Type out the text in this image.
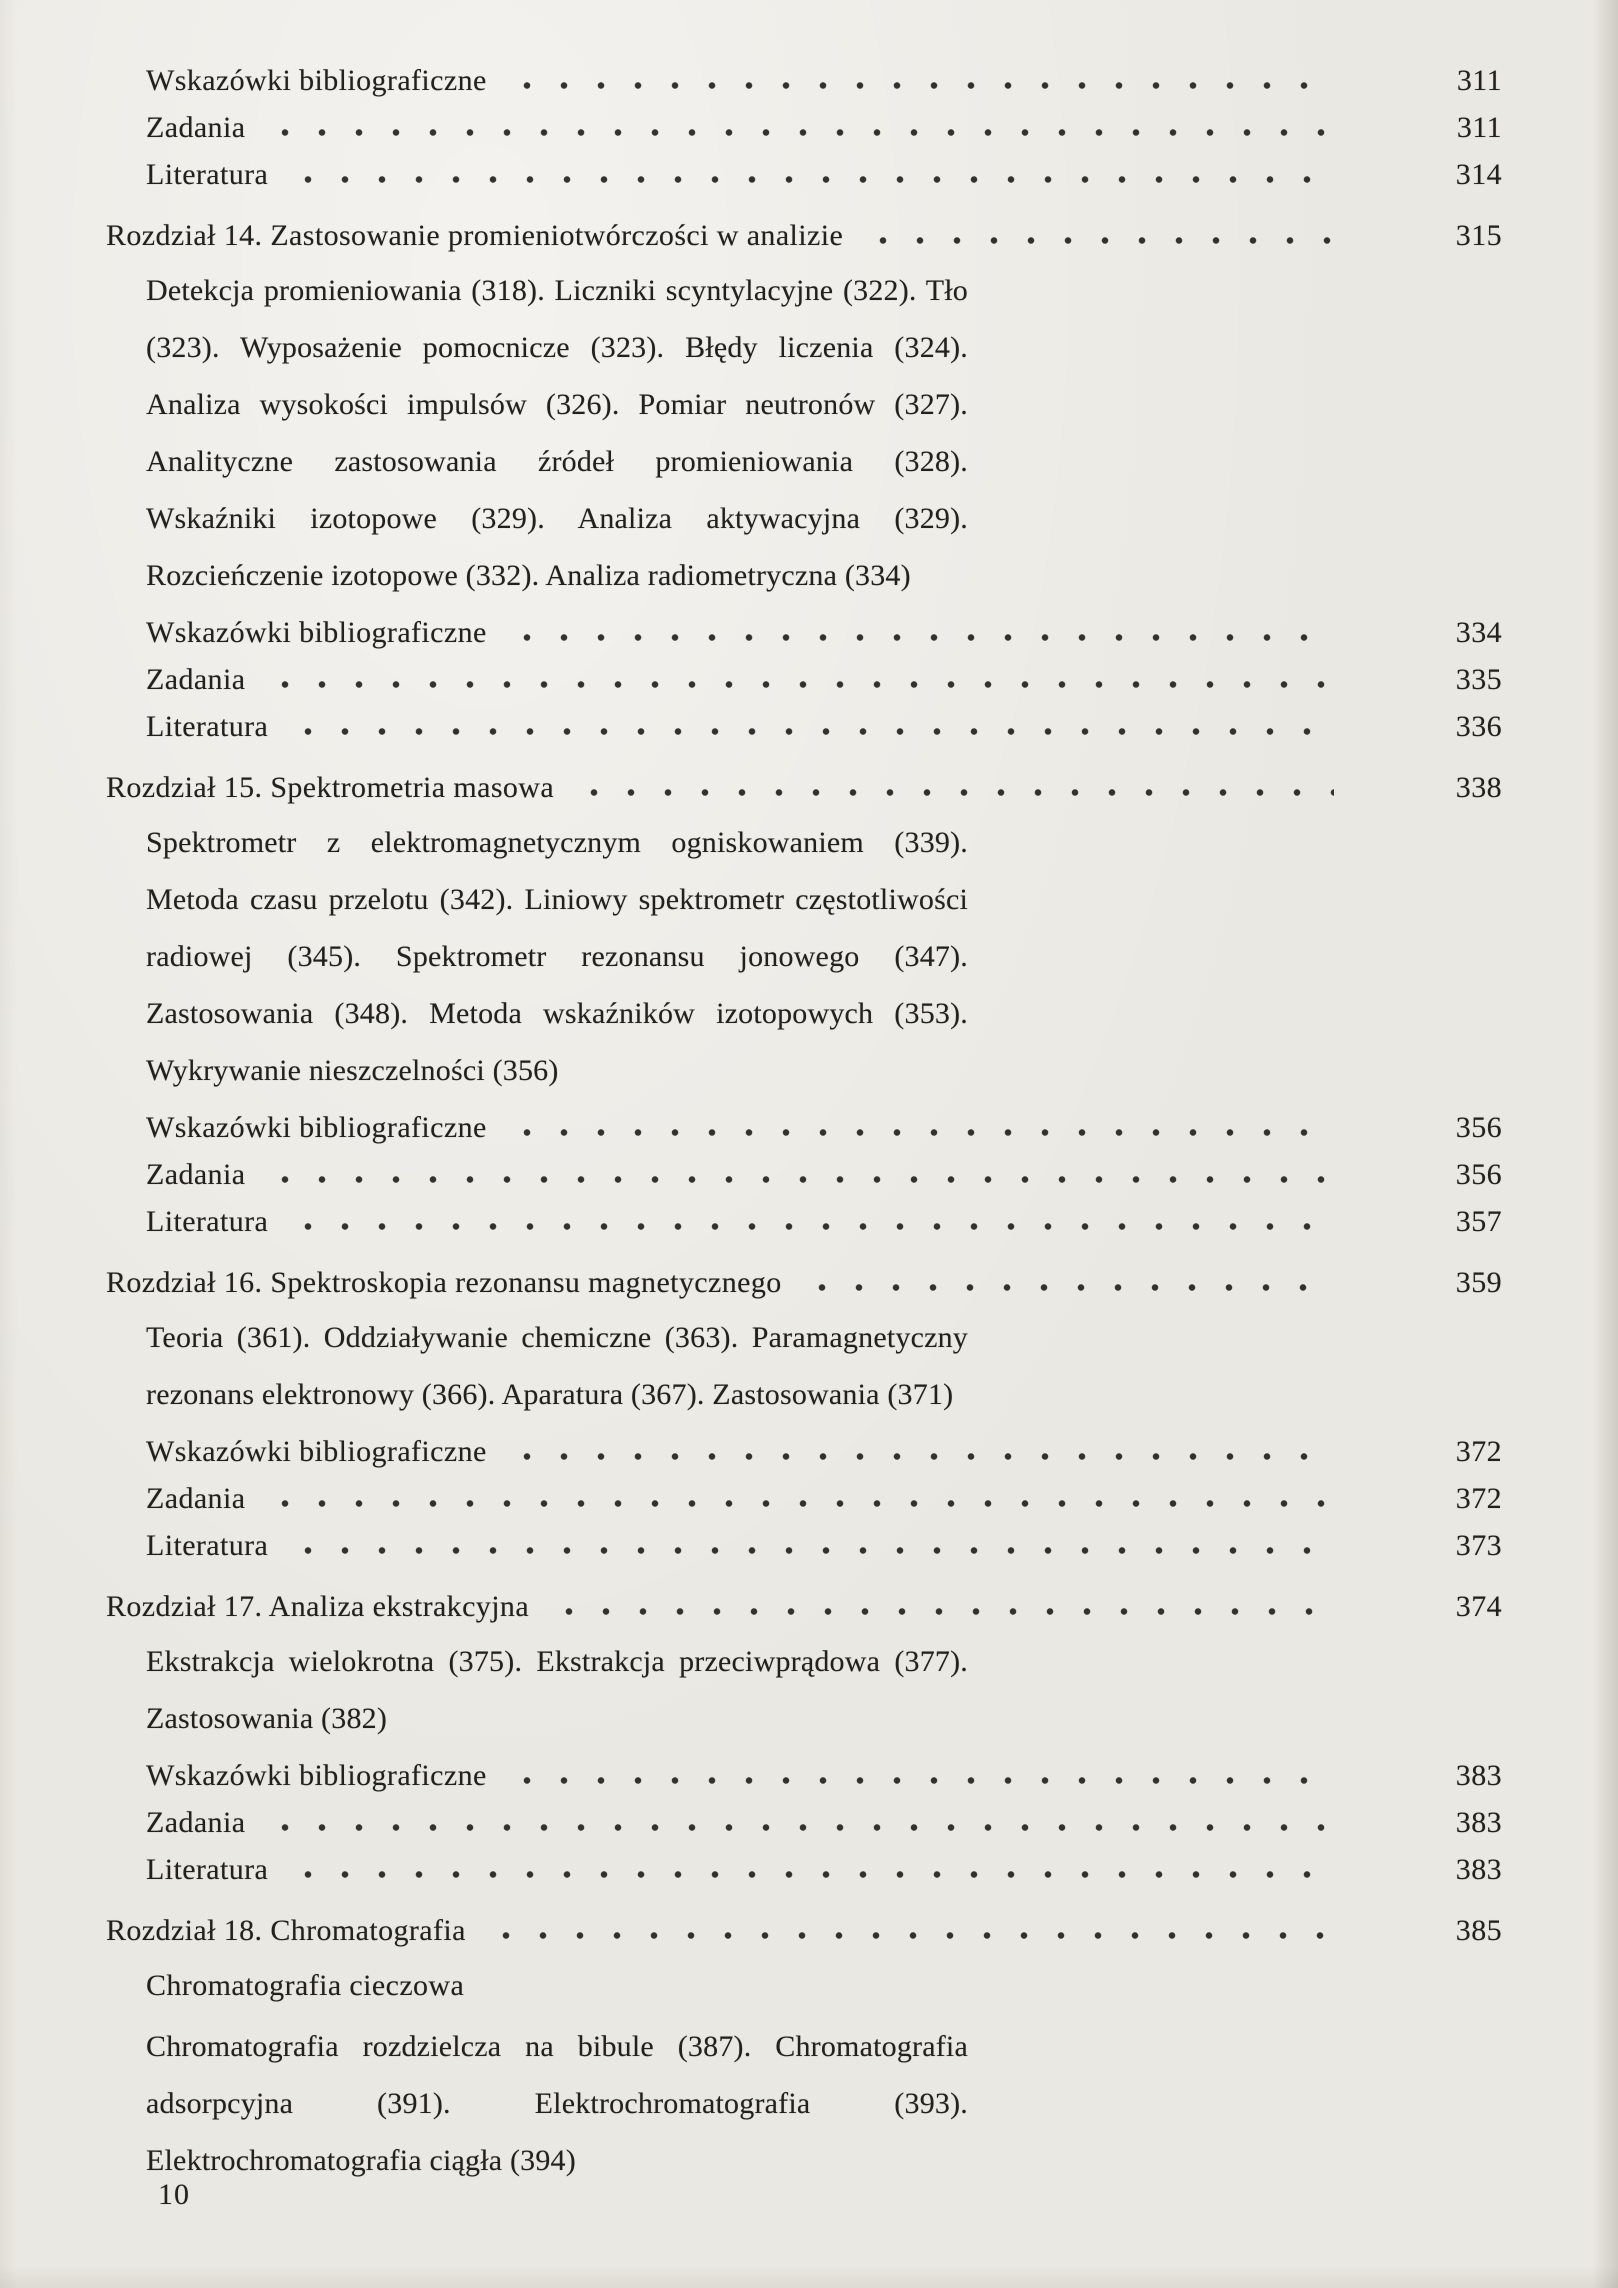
Wskazówki bibliograficzne	311
Zadania	311
Literatura	314
Rozdział 14. Zastosowanie promieniotwórczości w analizie	315

Detekcja promieniowania (318). Liczniki scyntylacyjne (322). Tło (323). Wyposażenie pomocnicze (323). Błędy liczenia (324). Analiza wysokości impulsów (326). Pomiar neutronów (327). Analityczne zastosowania źródeł promieniowania (328). Wskaźniki izotopowe (329). Analiza aktywacyjna (329). Rozcieńczenie izotopowe (332). Analiza radiometryczna (334)

Wskazówki bibliograficzne	334
Zadania	335
Literatura	336
Rozdział 15. Spektrometria masowa	338

Spektrometr z elektromagnetycznym ogniskowaniem (339). Metoda czasu przelotu (342). Liniowy spektrometr częstotliwości radiowej (345). Spektrometr rezonansu jonowego (347). Zastosowania (348). Metoda wskaźników izotopowych (353). Wykrywanie nieszczelności (356)

Wskazówki bibliograficzne	356
Zadania	356
Literatura	357
Rozdział 16. Spektroskopia rezonansu magnetycznego	359

Teoria (361). Oddziaływanie chemiczne (363). Paramagnetyczny rezonans elektronowy (366). Aparatura (367). Zastosowania (371)

Wskazówki bibliograficzne	372
Zadania	372
Literatura	373
Rozdział 17. Analiza ekstrakcyjna	374

Ekstrakcja wielokrotna (375). Ekstrakcja przeciwprądowa (377). Zastosowania (382)

Wskazówki bibliograficzne	383
Zadania	383
Literatura	383
Rozdział 18. Chromatografia	385

Chromatografia cieczowa

Chromatografia rozdzielcza na bibule (387). Chromatografia adsorpcyjna (391). Elektrochromatografia (393). Elektrochromatografia ciągła (394)

10
